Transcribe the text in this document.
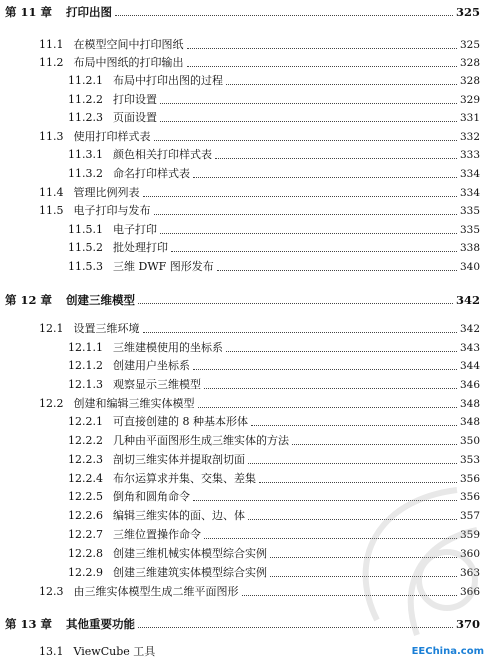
第 11 章 打印出图	325
11.1 在模型空间中打印图纸	325
11.2 布局中图纸的打印输出	328
11.2.1 布局中打印出图的过程	328
11.2.2 打印设置	329
11.2.3 页面设置	331
11.3 使用打印样式表	332
11.3.1 颜色相关打印样式表	333
11.3.2 命名打印样式表	334
11.4 管理比例列表	334
11.5 电子打印与发布	335
11.5.1 电子打印	335
11.5.2 批处理打印	338
11.5.3 三维 DWF 图形发布	340
第 12 章 创建三维模型	342
12.1 设置三维环境	342
12.1.1 三维建模使用的坐标系	343
12.1.2 创建用户坐标系	344
12.1.3 观察显示三维模型	346
12.2 创建和编辑三维实体模型	348
12.2.1 可直接创建的 8 种基本形体	348
12.2.2 几种由平面图形生成三维实体的方法	350
12.2.3 剖切三维实体并提取剖切面	353
12.2.4 布尔运算求并集、交集、差集	356
12.2.5 倒角和圆角命令	356
12.2.6 编辑三维实体的面、边、体	357
12.2.7 三维位置操作命令	359
12.2.8 创建三维机械实体模型综合实例	360
12.2.9 创建三维建筑实体模型综合实例	363
12.3 由三维实体模型生成二维平面图形	366
第 13 章 其他重要功能	370
13.1 ViewCube 工具	EEChina.com
